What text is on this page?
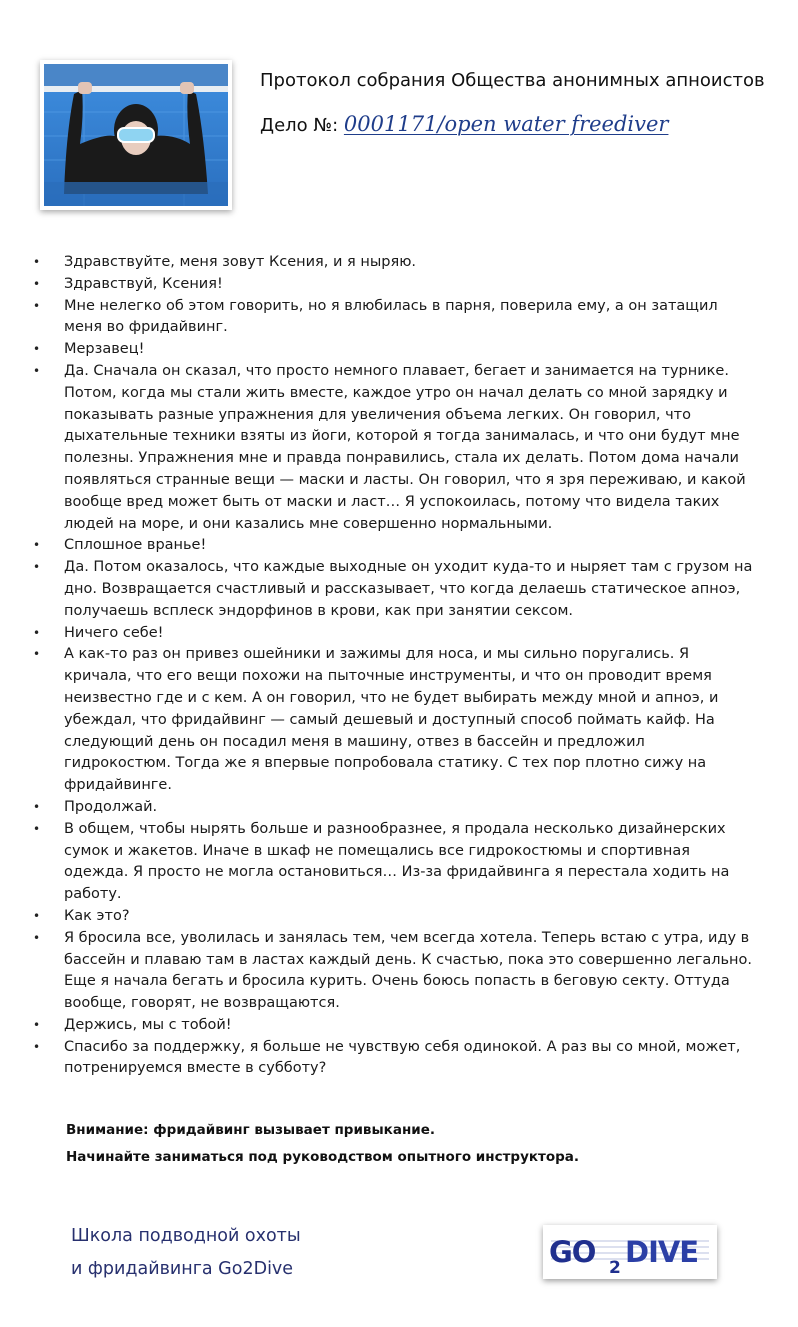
Протокол собрания Общества анонимных апноистов
Дело №: 0001171/open water freediver
• Здравствуйте, меня зовут Ксения, и я ныряю.
• Здравствуй, Ксения!
• Мне нелегко об этом говорить, но я влюбилась в парня, поверила ему, а он затащил меня во фридайвинг.
• Мерзавец!
• Да. Сначала он сказал, что просто немного плавает, бегает и занимается на турнике. Потом, когда мы стали жить вместе, каждое утро он начал делать со мной зарядку и показывать разные упражнения для увеличения объема легких. Он говорил, что дыхательные техники взяты из йоги, которой я тогда занималась, и что они будут мне полезны. Упражнения мне и правда понравились, стала их делать. Потом дома начали появляться странные вещи — маски и ласты. Он говорил, что я зря переживаю, и какой вообще вред может быть от маски и ласт… Я успокоилась, потому что видела таких людей на море, и они казались мне совершенно нормальными.
• Сплошное вранье!
• Да. Потом оказалось, что каждые выходные он уходит куда-то и ныряет там с грузом на дно. Возвращается счастливый и рассказывает, что когда делаешь статическое апноэ, получаешь всплеск эндорфинов в крови, как при занятии сексом.
• Ничего себе!
• А как-то раз он привез ошейники и зажимы для носа, и мы сильно поругались. Я кричала, что его вещи похожи на пыточные инструменты, и что он проводит время неизвестно где и с кем. А он говорил, что не будет выбирать между мной и апноэ, и убеждал, что фридайвинг — самый дешевый и доступный способ поймать кайф. На следующий день он посадил меня в машину, отвез в бассейн и предложил гидрокостюм. Тогда же я впервые попробовала статику. С тех пор плотно сижу на фридайвинге.
• Продолжай.
• В общем, чтобы нырять больше и разнообразнее, я продала несколько дизайнерских сумок и жакетов. Иначе в шкаф не помещались все гидрокостюмы и спортивная одежда. Я просто не могла остановиться… Из-за фридайвинга я перестала ходить на работу.
• Как это?
• Я бросила все, уволилась и занялась тем, чем всегда хотела. Теперь встаю с утра, иду в бассейн и плаваю там в ластах каждый день. К счастью, пока это совершенно легально. Еще я начала бегать и бросила курить. Очень боюсь попасть в беговую секту. Оттуда вообще, говорят, не возвращаются.
• Держись, мы с тобой!
• Спасибо за поддержку, я больше не чувствую себя одинокой. А раз вы со мной, может, потренируемся вместе в субботу?
Внимание: фридайвинг вызывает привыкание.
Начинайте заниматься под руководством опытного инструктора.
Школа подводной охоты
и фридайвинга Go2Dive	GO 2 DIVE
